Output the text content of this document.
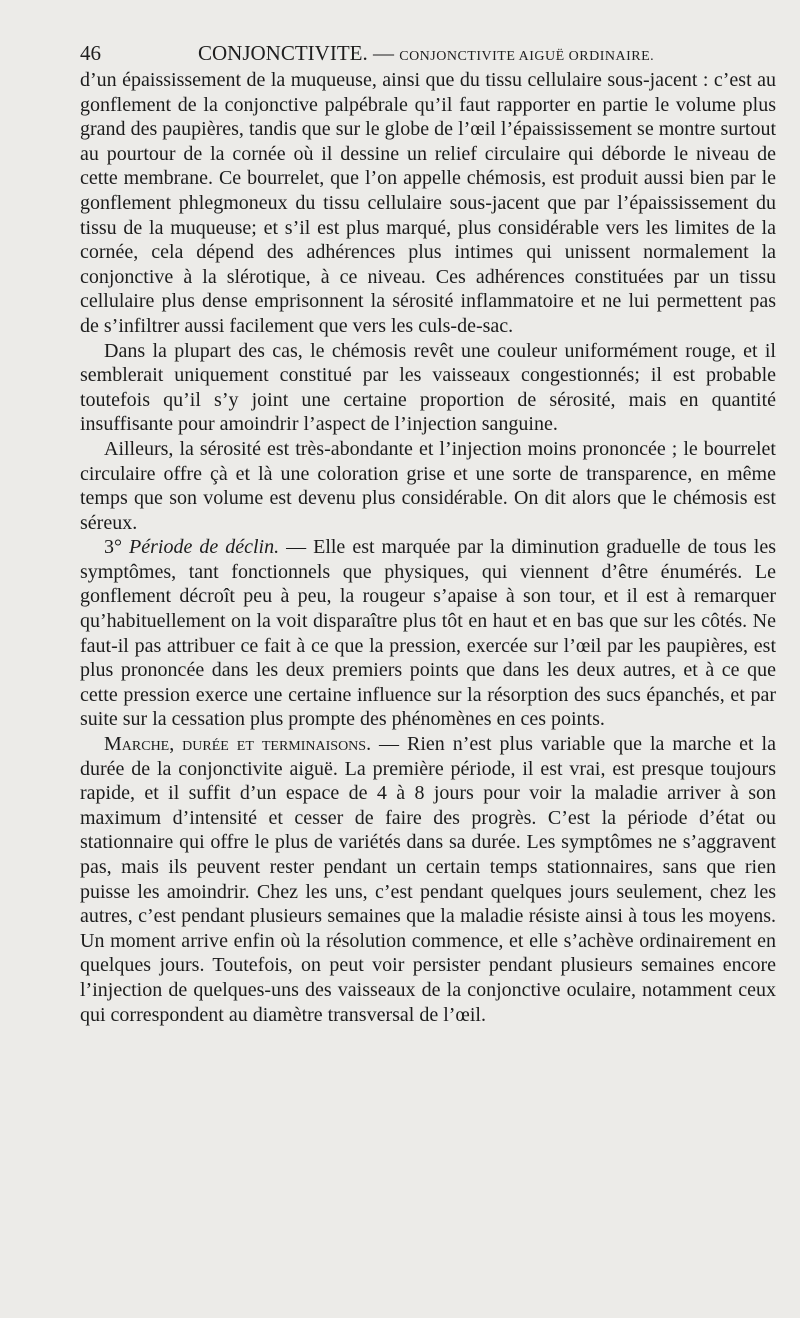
46	CONJONCTIVITE. — CONJONCTIVITE AIGUË ORDINAIRE.

d’un épaississement de la muqueuse, ainsi que du tissu cellulaire sous-jacent : c’est au gonflement de la conjonctive palpébrale qu’il faut rapporter en partie le volume plus grand des paupières, tandis que sur le globe de l’œil l’épaississement se montre surtout au pourtour de la cornée où il dessine un relief circulaire qui déborde le niveau de cette membrane. Ce bourrelet, que l’on appelle chémosis, est produit aussi bien par le gonflement phlegmoneux du tissu cellulaire sous-jacent que par l’épaississement du tissu de la muqueuse; et s’il est plus marqué, plus considérable vers les limites de la cornée, cela dépend des adhérences plus intimes qui unissent normalement la conjonctive à la slérotique, à ce niveau. Ces adhérences constituées par un tissu cellulaire plus dense emprisonnent la sérosité inflammatoire et ne lui permettent pas de s’infiltrer aussi facilement que vers les culs-de-sac.

Dans la plupart des cas, le chémosis revêt une couleur uniformément rouge, et il semblerait uniquement constitué par les vaisseaux congestionnés; il est probable toutefois qu’il s’y joint une certaine proportion de sérosité, mais en quantité insuffisante pour amoindrir l’aspect de l’injection sanguine.

Ailleurs, la sérosité est très-abondante et l’injection moins prononcée ; le bourrelet circulaire offre çà et là une coloration grise et une sorte de transparence, en même temps que son volume est devenu plus considérable. On dit alors que le chémosis est séreux.

3° Période de déclin. — Elle est marquée par la diminution graduelle de tous les symptômes, tant fonctionnels que physiques, qui viennent d’être énumérés. Le gonflement décroît peu à peu, la rougeur s’apaise à son tour, et il est à remarquer qu’habituellement on la voit disparaître plus tôt en haut et en bas que sur les côtés. Ne faut-il pas attribuer ce fait à ce que la pression, exercée sur l’œil par les paupières, est plus prononcée dans les deux premiers points que dans les deux autres, et à ce que cette pression exerce une certaine influence sur la résorption des sucs épanchés, et par suite sur la cessation plus prompte des phénomènes en ces points.

Marche, durée et terminaisons. — Rien n’est plus variable que la marche et la durée de la conjonctivite aiguë. La première période, il est vrai, est presque toujours rapide, et il suffit d’un espace de 4 à 8 jours pour voir la maladie arriver à son maximum d’intensité et cesser de faire des progrès. C’est la période d’état ou stationnaire qui offre le plus de variétés dans sa durée. Les symptômes ne s’aggravent pas, mais ils peuvent rester pendant un certain temps stationnaires, sans que rien puisse les amoindrir. Chez les uns, c’est pendant quelques jours seulement, chez les autres, c’est pendant plusieurs semaines que la maladie résiste ainsi à tous les moyens. Un moment arrive enfin où la résolution commence, et elle s’achève ordinairement en quelques jours. Toutefois, on peut voir persister pendant plusieurs semaines encore l’injection de quelques-uns des vaisseaux de la conjonctive oculaire, notamment ceux qui correspondent au diamètre transversal de l’œil.
